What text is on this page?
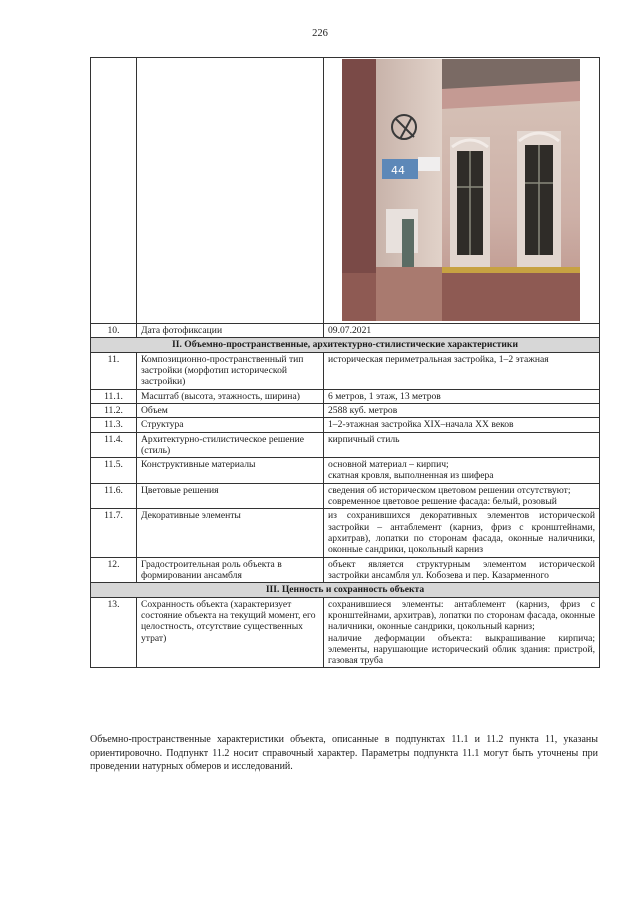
226

44

10.	Дата фотофиксации	09.07.2021
II. Объемно-пространственные, архитектурно-стилистические характеристики		
11.	Композиционно-пространственный тип застройки (морфотип исторической застройки)	историческая периметральная застройка, 1–2 этажная
11.1.	Масштаб (высота, этажность, ширина)	6 метров, 1 этаж, 13 метров
11.2.	Объем	2588 куб. метров
11.3.	Структура	1–2-этажная застройка XIX–начала XX веков
11.4.	Архитектурно-стилистическое решение (стиль)	кирпичный стиль
11.5.	Конструктивные материалы	основной материал – кирпич;
скатная кровля, выполненная из шифера

11.6.	Цветовые решения	сведения об историческом цветовом решении отсутствуют;
современное цветовое решение фасада: белый, розовый

11.7.	Декоративные элементы	из сохранившихся декоративных элементов исторической застройки – антаблемент (карниз, фриз с кронштейнами, архитрав), лопатки по сторонам фасада, оконные наличники, оконные сандрики, цокольный карниз
12.	Градостроительная роль объекта в формировании ансамбля	объект является структурным элементом исторической застройки ансамбля ул. Кобозева и пер. Казарменного
III. Ценность и сохранность объекта		
13.	Сохранность объекта (характеризует состояние объекта на текущий момент, его целостность, отсутствие существенных утрат)	сохранившиеся элементы: антаблемент (карниз, фриз с кронштейнами, архитрав), лопатки по сторонам фасада, оконные наличники, оконные сандрики, цокольный карниз;
наличие деформации объекта: выкрашивание кирпича; элементы, нарушающие исторический облик здания: пристрой, газовая труба
Объемно-пространственные характеристики объекта, описанные в подпунктах 11.1 и 11.2 пункта 11, указаны ориентировочно. Подпункт 11.2 носит справочный характер. Параметры подпункта 11.1 могут быть уточнены при проведении натурных обмеров и исследований.
